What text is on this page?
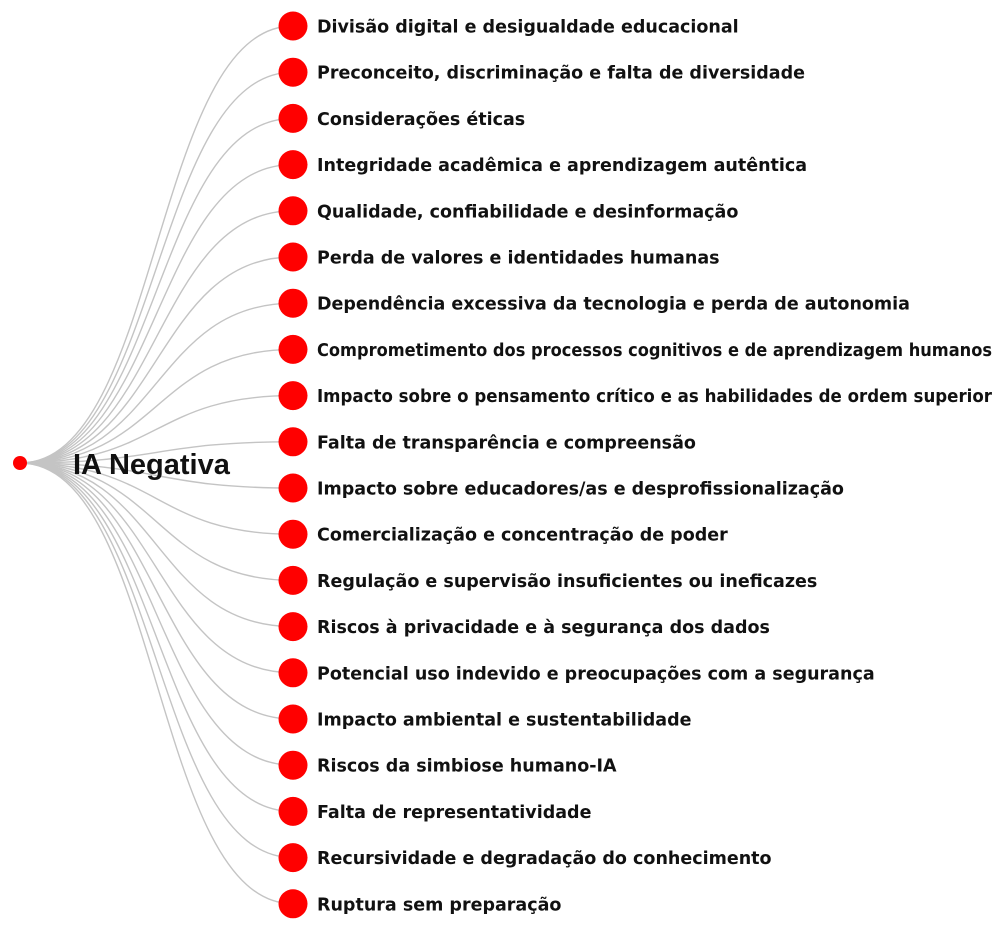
Divisão digital e desigualdade educacional
Preconceito, discriminação e falta de diversidade
Considerações éticas
Integridade acadêmica e aprendizagem autêntica
Qualidade, confiabilidade e desinformação
Perda de valores e identidades humanas
Dependência excessiva da tecnologia e perda de autonomia
Comprometimento dos processos cognitivos e de aprendizagem humanos
Impacto sobre o pensamento crítico e as habilidades de ordem superior
Falta de transparência e compreensão
Impacto sobre educadores/as e desprofissionalização
Comercialização e concentração de poder
Regulação e supervisão insuficientes ou ineficazes
Riscos à privacidade e à segurança dos dados
Potencial uso indevido e preocupações com a segurança
Impacto ambiental e sustentabilidade
Riscos da simbiose humano-IA
Falta de representatividade
Recursividade e degradação do conhecimento
Ruptura sem preparação
IA Negativa
